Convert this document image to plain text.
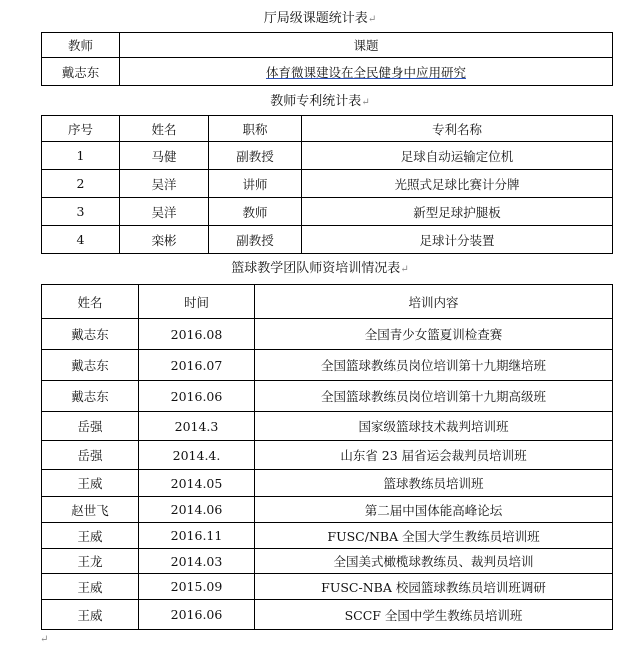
厅局级课题统计表↵
教师	课题
戴志东	体育微课建设在全民健身中应用研究
教师专利统计表↵
序号	姓名	职称	专利名称
1	马健	副教授	足球自动运输定位机
2	吴洋	讲师	光照式足球比赛计分牌
3	吴洋	教师	新型足球护腿板
4	栾彬	副教授	足球计分装置
篮球教学团队师资培训情况表↵
姓名	时间	培训内容
戴志东	2016.08	全国青少女篮夏训检查赛
戴志东	2016.07	全国篮球教练员岗位培训第十九期继培班
戴志东	2016.06	全国篮球教练员岗位培训第十九期高级班
岳强	2014.3	国家级篮球技术裁判培训班
岳强	2014.4.	山东省 23 届省运会裁判员培训班
王威	2014.05	篮球教练员培训班
赵世飞	2014.06	第二届中国体能高峰论坛
王威	2016.11	FUSC/NBA 全国大学生教练员培训班
王龙	2014.03	全国美式橄榄球教练员、裁判员培训
王威	2015.09	FUSC-NBA 校园篮球教练员培训班调研
王威	2016.06	SCCF 全国中学生教练员培训班
↵
